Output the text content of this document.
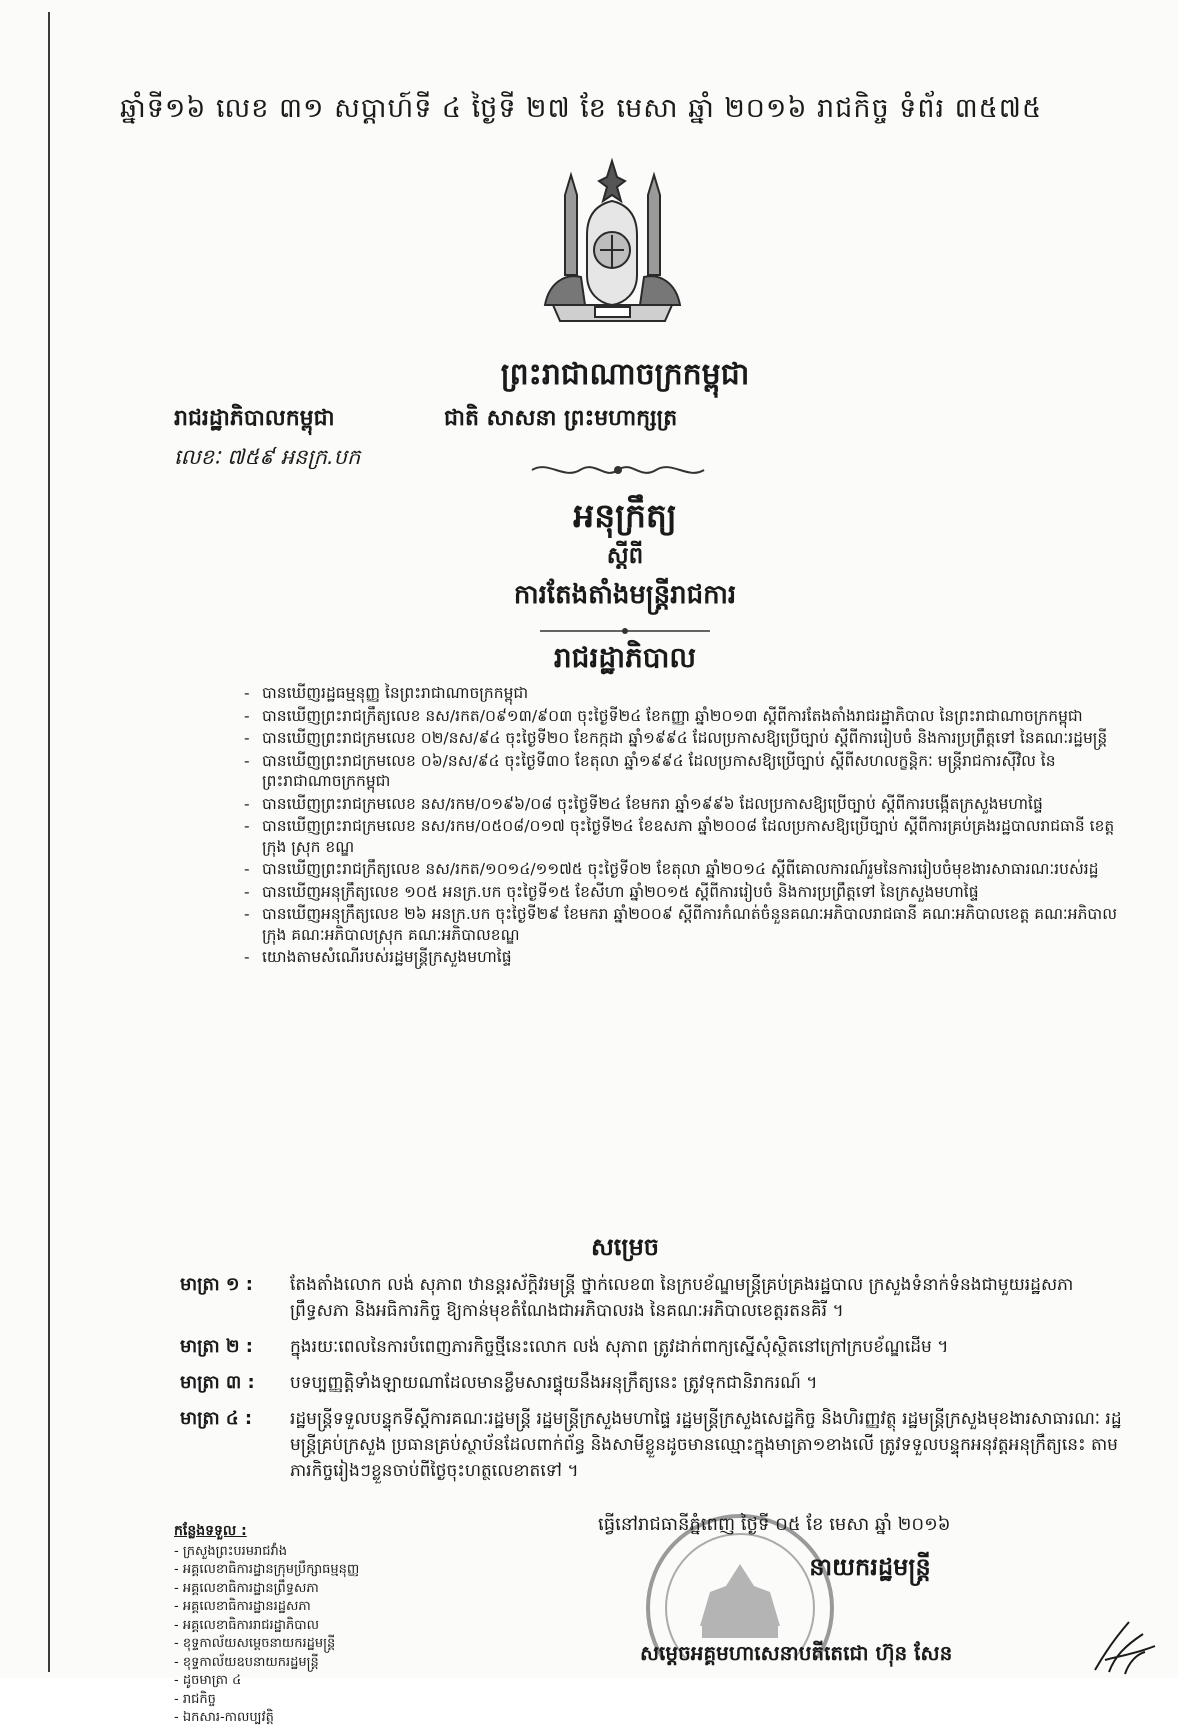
ឆ្នាំទី១៦ លេខ ៣១ សប្តាហ៍ទី ៤ ថ្ងៃទី ២៧ ខែ មេសា ឆ្នាំ ២០១៦ រាជកិច្ច ទំព័រ ៣៥៧៥
ព្រះរាជាណាចក្រកម្ពុជា
រាជរដ្ឋាភិបាលកម្ពុជា	ជាតិ សាសនា ព្រះមហាក្សត្រ
លេខៈ ៧៥៩ អនក្រ.បក
អនុក្រឹត្យ
ស្តីពី
ការតែងតាំងមន្ត្រីរាជការ
រាជរដ្ឋាភិបាល
- បានឃើញរដ្ឋធម្មនុញ្ញ នៃព្រះរាជាណាចក្រកម្ពុជា
- បានឃើញព្រះរាជក្រឹត្យលេខ នស/រកត/០៩១៣/៩០៣ ចុះថ្ងៃទី២៤ ខែកញ្ញា ឆ្នាំ២០១៣ ស្តីពីការតែងតាំងរាជរដ្ឋាភិបាល នៃព្រះរាជាណាចក្រកម្ពុជា
- បានឃើញព្រះរាជក្រមលេខ ០២/នស/៩៤ ចុះថ្ងៃទី២០ ខែកក្កដា ឆ្នាំ១៩៩៤ ដែលប្រកាសឱ្យប្រើច្បាប់ ស្តីពីការរៀបចំ និងការប្រព្រឹត្តទៅ នៃគណៈរដ្ឋមន្ត្រី
- បានឃើញព្រះរាជក្រមលេខ ០៦/នស/៩៤ ចុះថ្ងៃទី៣០ ខែតុលា ឆ្នាំ១៩៩៤ ដែលប្រកាសឱ្យប្រើច្បាប់ ស្តីពីសហលក្ខន្តិកៈ មន្ត្រីរាជការស៊ីវិល នៃព្រះរាជាណាចក្រកម្ពុជា
- បានឃើញព្រះរាជក្រមលេខ នស/រកម/០១៩៦/០៨ ចុះថ្ងៃទី២៤ ខែមករា ឆ្នាំ១៩៩៦ ដែលប្រកាសឱ្យប្រើច្បាប់ ស្តីពីការបង្កើតក្រសួងមហាផ្ទៃ
- បានឃើញព្រះរាជក្រមលេខ នស/រកម/០៥០៨/០១៧ ចុះថ្ងៃទី២៤ ខែឧសភា ឆ្នាំ២០០៨ ដែលប្រកាសឱ្យប្រើច្បាប់ ស្តីពីការគ្រប់គ្រងរដ្ឋបាលរាជធានី ខេត្ត ក្រុង ស្រុក ខណ្ឌ
- បានឃើញព្រះរាជក្រឹត្យលេខ នស/រកត/១០១៤/១១៧៥ ចុះថ្ងៃទី០២ ខែតុលា ឆ្នាំ២០១៤ ស្តីពីគោលការណ៍រួមនៃការរៀបចំមុខងារសាធារណៈរបស់រដ្ឋ
- បានឃើញអនុក្រឹត្យលេខ ១០៥ អនក្រ.បក ចុះថ្ងៃទី១៥ ខែសីហា ឆ្នាំ២០១៥ ស្តីពីការរៀបចំ និងការប្រព្រឹត្តទៅ នៃក្រសួងមហាផ្ទៃ
- បានឃើញអនុក្រឹត្យលេខ ២៦ អនក្រ.បក ចុះថ្ងៃទី២៩ ខែមករា ឆ្នាំ២០០៩ ស្តីពីការកំណត់ចំនួនគណៈអភិបាលរាជធានី គណៈអភិបាលខេត្ត គណៈអភិបាលក្រុង គណៈអភិបាលស្រុក គណៈអភិបាលខណ្ឌ
- យោងតាមសំណើរបស់រដ្ឋមន្ត្រីក្រសួងមហាផ្ទៃ
សម្រេច
មាត្រា ១ :	តែងតាំងលោក លង់ សុភាព ឋានន្តរស័ក្តិវរមន្ត្រី ថ្នាក់លេខ៣ នៃក្របខ័ណ្ឌមន្ត្រីគ្រប់គ្រងរដ្ឋបាល ក្រសួងទំនាក់ទំនងជាមួយរដ្ឋសភា ព្រឹទ្ធសភា និងអធិការកិច្ច ឱ្យកាន់មុខតំណែងជាអភិបាលរង នៃគណៈអភិបាលខេត្តរតនគិរី ។
មាត្រា ២ :	ក្នុងរយៈពេលនៃការបំពេញភារកិច្ចថ្មីនេះលោក លង់ សុភាព ត្រូវដាក់ពាក្យស្នើសុំស្ថិតនៅក្រៅក្របខ័ណ្ឌដើម ។
មាត្រា ៣ :	បទប្បញ្ញត្តិទាំងឡាយណាដែលមានខ្លឹមសារផ្ទុយនឹងអនុក្រឹត្យនេះ ត្រូវទុកជានិរាករណ៍ ។
មាត្រា ៤ :	រដ្ឋមន្ត្រីទទួលបន្ទុកទីស្តីការគណៈរដ្ឋមន្ត្រី រដ្ឋមន្ត្រីក្រសួងមហាផ្ទៃ រដ្ឋមន្ត្រីក្រសួងសេដ្ឋកិច្ច និងហិរញ្ញវត្ថុ រដ្ឋមន្ត្រីក្រសួងមុខងារសាធារណៈ រដ្ឋមន្ត្រីគ្រប់ក្រសួង ប្រធានគ្រប់ស្ថាប័នដែលពាក់ព័ន្ធ និងសាមីខ្លួនដូចមានឈ្មោះក្នុងមាត្រា១ខាងលើ ត្រូវទទួលបន្ទុកអនុវត្តអនុក្រឹត្យនេះ តាមភារកិច្ចរៀងៗខ្លួនចាប់ពីថ្ងៃចុះហត្ថលេខាតទៅ ។
កន្លែងទទួល :
- ក្រសួងព្រះបរមរាជវាំង
- អគ្គលេខាធិការដ្ឋានក្រុមប្រឹក្សាធម្មនុញ្ញ
- អគ្គលេខាធិការដ្ឋានព្រឹទ្ធសភា
- អគ្គលេខាធិការដ្ឋានរដ្ឋសភា
- អគ្គលេខាធិការរាជរដ្ឋាភិបាល
- ខុទ្ទកាល័យសម្តេចនាយករដ្ឋមន្ត្រី
- ខុទ្ទកាល័យឧបនាយករដ្ឋមន្ត្រី
- ដូចមាត្រា ៤
- រាជកិច្ច
- ឯកសារ-កាលប្បវត្តិ
ធ្វើនៅរាជធានីភ្នំពេញ ថ្ងៃទី ០៥ ខែ មេសា ឆ្នាំ ២០១៦
នាយករដ្ឋមន្ត្រី
សម្តេចអគ្គមហាសេនាបតីតេជោ ហ៊ុន សែន
